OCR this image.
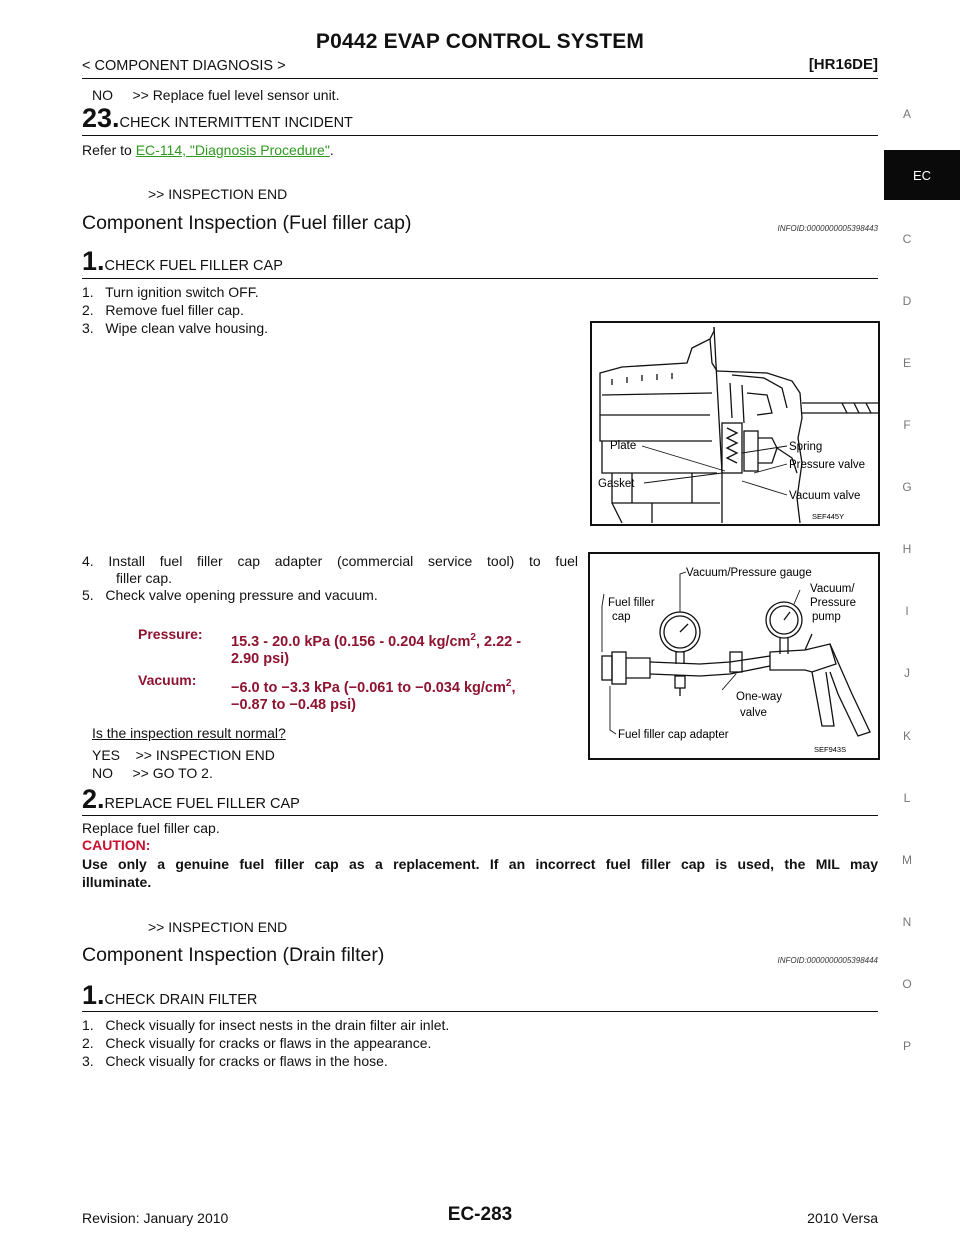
P0442 EVAP CONTROL SYSTEM
< COMPONENT DIAGNOSIS >	[HR16DE]
A
EC
C
D
E
F
G
H
I
J
K
L
M
N
O
P
NO     >> Replace fuel level sensor unit.
23.CHECK INTERMITTENT INCIDENT
Refer to EC-114, "Diagnosis Procedure".
>> INSPECTION END
Component Inspection (Fuel filler cap)	INFOID:0000000005398443
1.CHECK FUEL FILLER CAP
1.   Turn ignition switch OFF.
2.   Remove fuel filler cap.
3.   Wipe clean valve housing.
Plate
Gasket
Spring
Pressure valve
Vacuum valve
SEF445Y
4. Install fuel filler cap adapter (commercial service tool) to fuel
filler cap.
5.   Check valve opening pressure and vacuum.
Pressure: 15.3 - 20.0 kPa (0.156 - 0.204 $kg/cm^2$, 2.22 -
2.90 psi)
Vacuum: −6.0 to −3.3 kPa (−0.061 to −0.034 $kg/cm^2$,
−0.87 to −0.48 psi)
Vacuum/Pressure gauge
Fuel filler
cap
Vacuum/
Pressure
pump
One-way
valve
Fuel filler cap adapter
SEF943S
Is the inspection result normal?
YES    >> INSPECTION END
NO     >> GO TO 2.
2.REPLACE FUEL FILLER CAP
Replace fuel filler cap.
CAUTION:
Use only a genuine fuel filler cap as a replacement. If an incorrect fuel filler cap is used, the MIL may
illuminate.
>> INSPECTION END
Component Inspection (Drain filter)	INFOID:0000000005398444
1.CHECK DRAIN FILTER
1.   Check visually for insect nests in the drain filter air inlet.
2.   Check visually for cracks or flaws in the appearance.
3.   Check visually for cracks or flaws in the hose.
Revision: January 2010	EC-283	2010 Versa
